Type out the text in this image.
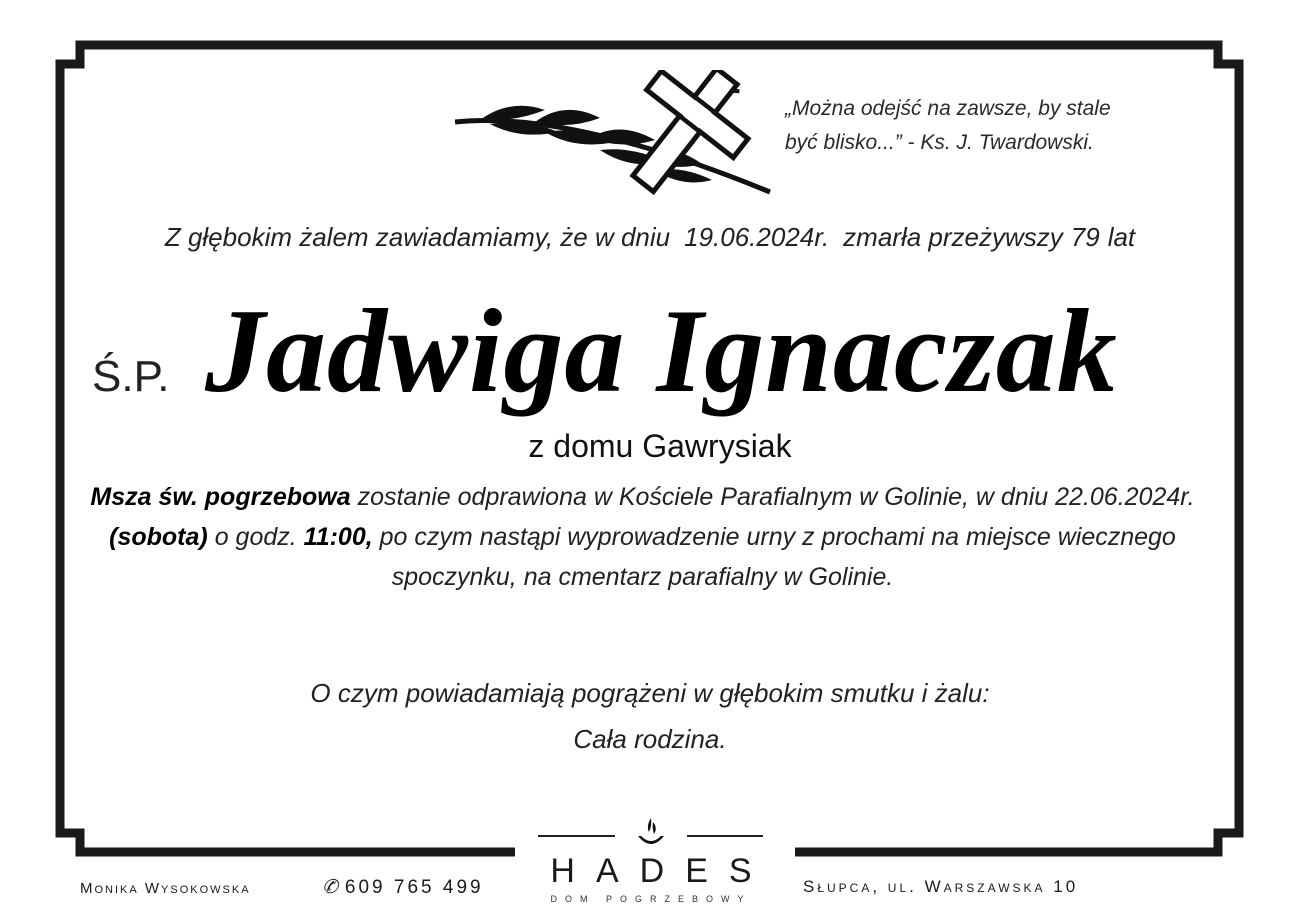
„Można odejść na zawsze, by stale
być blisko...” - Ks. J. Twardowski.
Z głębokim żalem zawiadamiamy, że w dniu 19.06.2024r. zmarła przeżywszy 79 lat
Ś.P. Jadwiga Ignaczak
z domu Gawrysiak
Msza św. pogrzebowa zostanie odprawiona w Kościele Parafialnym w Golinie, w dniu 22.06.2024r. (sobota) o godz. 11:00, po czym nastąpi wyprowadzenie urny z prochami na miejsce wiecznego spoczynku, na cmentarz parafialny w Golinie.
O czym powiadamiają pogrążeni w głębokim smutku i żalu:
Cała rodzina.
Monika Wysokowska	✆ 609 765 499	HADES
DOM POGRZEBOWY
Słupca, ul. Warszawska 10
